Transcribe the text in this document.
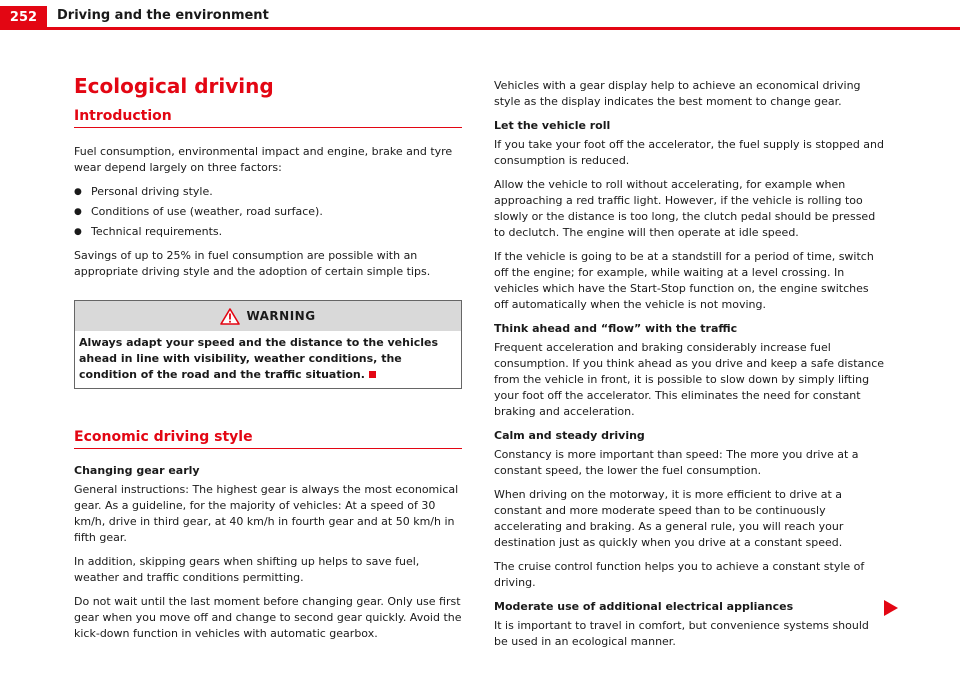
252	Driving and the environment
Ecological driving
Introduction

Fuel consumption, environmental impact and engine, brake and tyre wear depend largely on three factors:

● Personal driving style.
● Conditions of use (weather, road surface).
● Technical requirements.

Savings of up to 25% in fuel consumption are possible with an appropriate driving style and the adoption of certain simple tips.

WARNING
Always adapt your speed and the distance to the vehicles ahead in line with visibility, weather conditions, the condition of the road and the traffic situation.
Economic driving style

Changing gear early

General instructions: The highest gear is always the most economical gear. As a guideline, for the majority of vehicles: At a speed of 30 km/h, drive in third gear, at 40 km/h in fourth gear and at 50 km/h in fifth gear.

In addition, skipping gears when shifting up helps to save fuel, weather and traffic conditions permitting.

Do not wait until the last moment before changing gear. Only use first gear when you move off and change to second gear quickly. Avoid the kick-down function in vehicles with automatic gearbox.

Vehicles with a gear display help to achieve an economical driving style as the display indicates the best moment to change gear.

Let the vehicle roll

If you take your foot off the accelerator, the fuel supply is stopped and consumption is reduced.

Allow the vehicle to roll without accelerating, for example when approaching a red traffic light. However, if the vehicle is rolling too slowly or the distance is too long, the clutch pedal should be pressed to declutch. The engine will then operate at idle speed.

If the vehicle is going to be at a standstill for a period of time, switch off the engine; for example, while waiting at a level crossing. In vehicles which have the Start-Stop function on, the engine switches off automatically when the vehicle is not moving.

Think ahead and “flow” with the traffic

Frequent acceleration and braking considerably increase fuel consumption. If you think ahead as you drive and keep a safe distance from the vehicle in front, it is possible to slow down by simply lifting your foot off the accelerator. This eliminates the need for constant braking and acceleration.

Calm and steady driving

Constancy is more important than speed: The more you drive at a constant speed, the lower the fuel consumption.

When driving on the motorway, it is more efficient to drive at a constant and more moderate speed than to be continuously accelerating and braking. As a general rule, you will reach your destination just as quickly when you drive at a constant speed.

The cruise control function helps you to achieve a constant style of driving.

Moderate use of additional electrical appliances

It is important to travel in comfort, but convenience systems should be used in an ecological manner.
